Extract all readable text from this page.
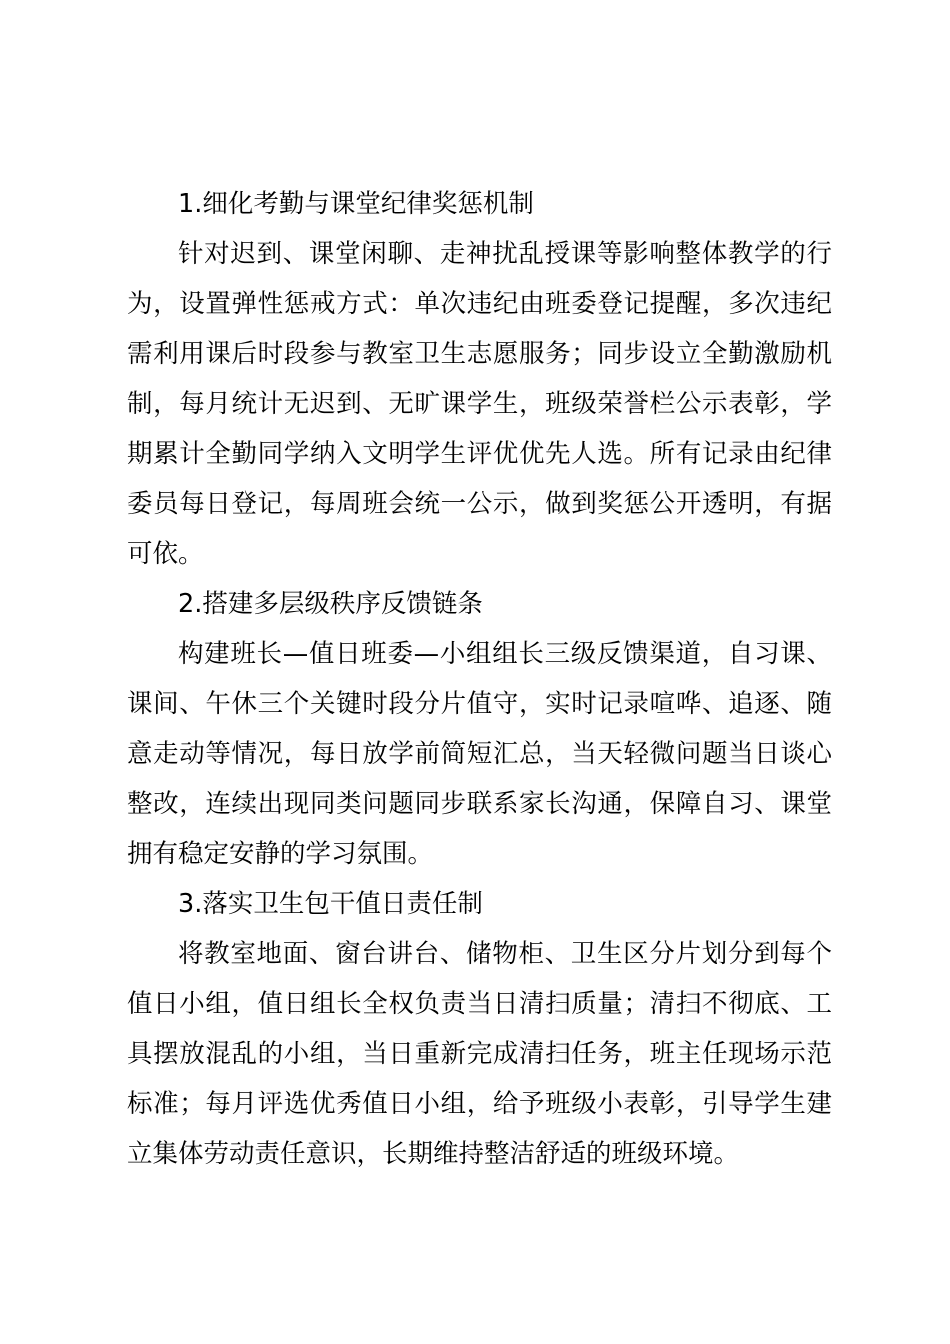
1.细化考勤与课堂纪律奖惩机制

针对迟到、课堂闲聊、走神扰乱授课等影响整体教学的行

为，设置弹性惩戒方式：单次违纪由班委登记提醒，多次违纪

需利用课后时段参与教室卫生志愿服务；同步设立全勤激励机

制，每月统计无迟到、无旷课学生，班级荣誉栏公示表彰，学

期累计全勤同学纳入文明学生评优优先人选。所有记录由纪律

委员每日登记，每周班会统一公示，做到奖惩公开透明，有据

可依。

2.搭建多层级秩序反馈链条

构建班长—值日班委—小组组长三级反馈渠道，自习课、

课间、午休三个关键时段分片值守，实时记录喧哗、追逐、随

意走动等情况，每日放学前简短汇总，当天轻微问题当日谈心

整改，连续出现同类问题同步联系家长沟通，保障自习、课堂

拥有稳定安静的学习氛围。

3.落实卫生包干值日责任制

将教室地面、窗台讲台、储物柜、卫生区分片划分到每个

值日小组，值日组长全权负责当日清扫质量；清扫不彻底、工

具摆放混乱的小组，当日重新完成清扫任务，班主任现场示范

标准；每月评选优秀值日小组，给予班级小表彰，引导学生建

立集体劳动责任意识，长期维持整洁舒适的班级环境。
